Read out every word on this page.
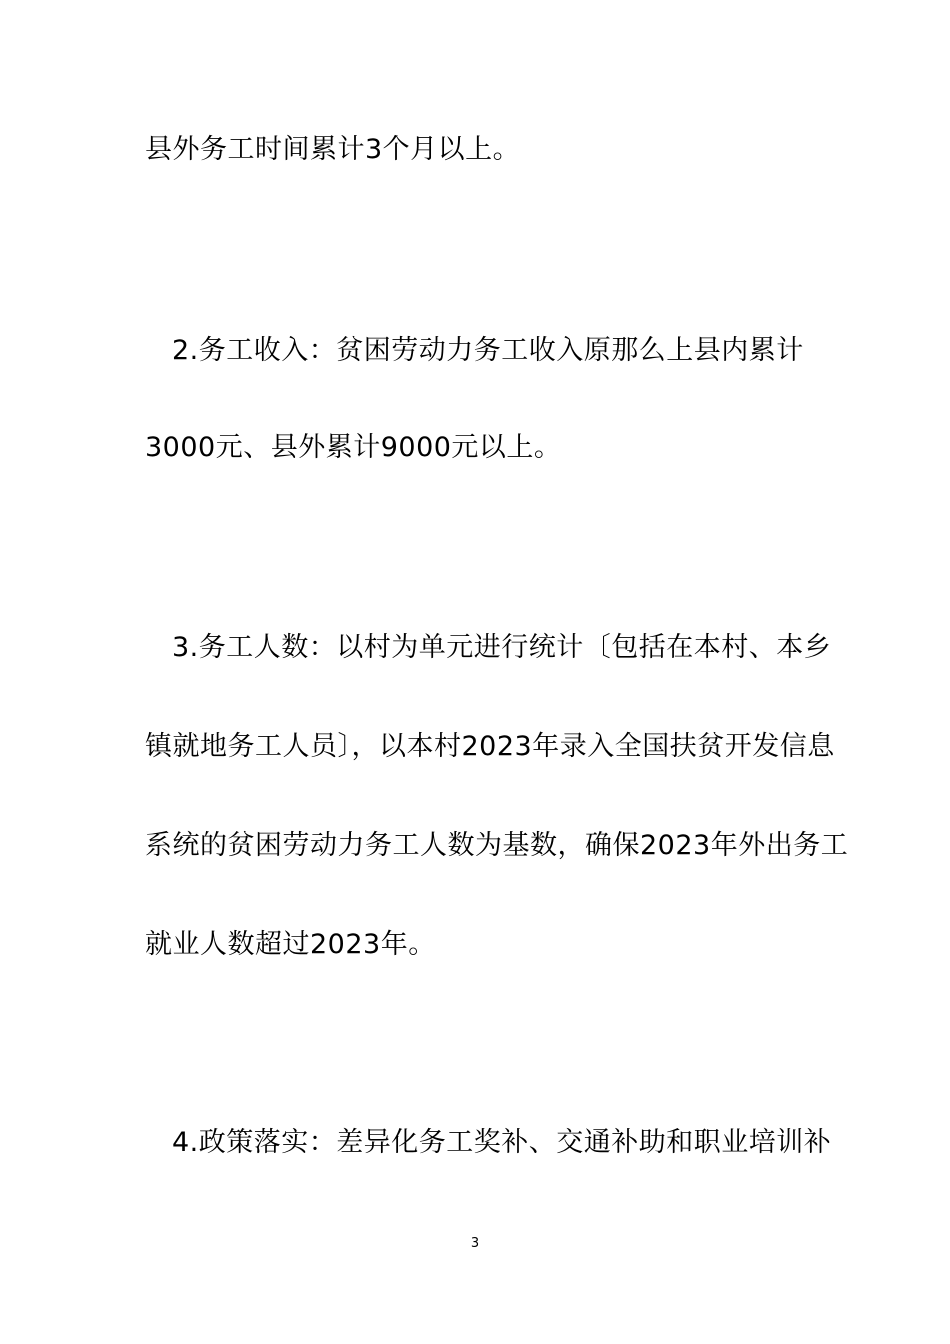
县外务工时间累计3个月以上。
2.务工收入：贫困劳动力务工收入原那么上县内累计
3000元、县外累计9000元以上。
3.务工人数：以村为单元进行统计〔包括在本村、本乡
镇就地务工人员〕，以本村2023年录入全国扶贫开发信息
系统的贫困劳动力务工人数为基数，确保2023年外出务工
就业人数超过2023年。
4.政策落实：差异化务工奖补、交通补助和职业培训补
3
